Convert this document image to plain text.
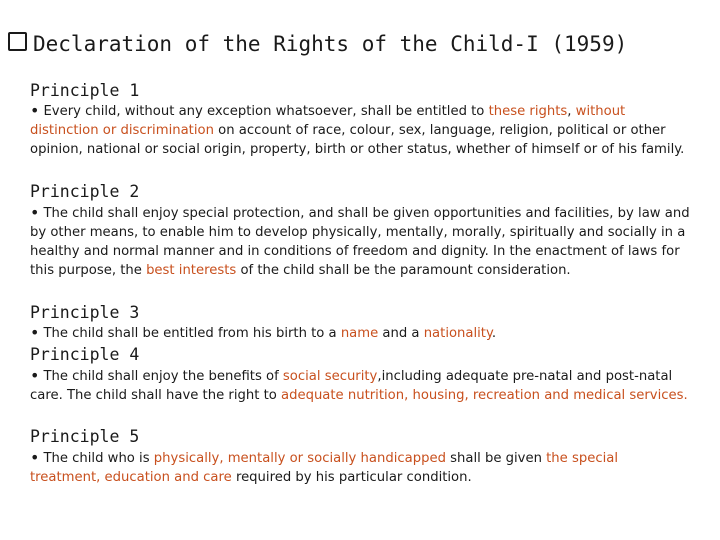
Declaration of the Rights of the Child-I (1959)
Principle 1

• Every child, without any exception whatsoever, shall be entitled to these rights, without distinction or discrimination on account of race, colour, sex, language, religion, political or other opinion, national or social origin, property, birth or other status, whether of himself or of his family.

Principle 2

• The child shall enjoy special protection, and shall be given opportunities and facilities, by law and by other means, to enable him to develop physically, mentally, morally, spiritually and socially in a healthy and normal manner and in conditions of freedom and dignity. In the enactment of laws for this purpose, the best interests of the child shall be the paramount consideration.

Principle 3

• The child shall be entitled from his birth to a name and a nationality.

Principle 4

• The child shall enjoy the benefits of social security,including adequate pre-natal and post-natal care. The child shall have the right to adequate nutrition, housing, recreation and medical services.

Principle 5

• The child who is physically, mentally or socially handicapped shall be given the special treatment, education and care required by his particular condition.
